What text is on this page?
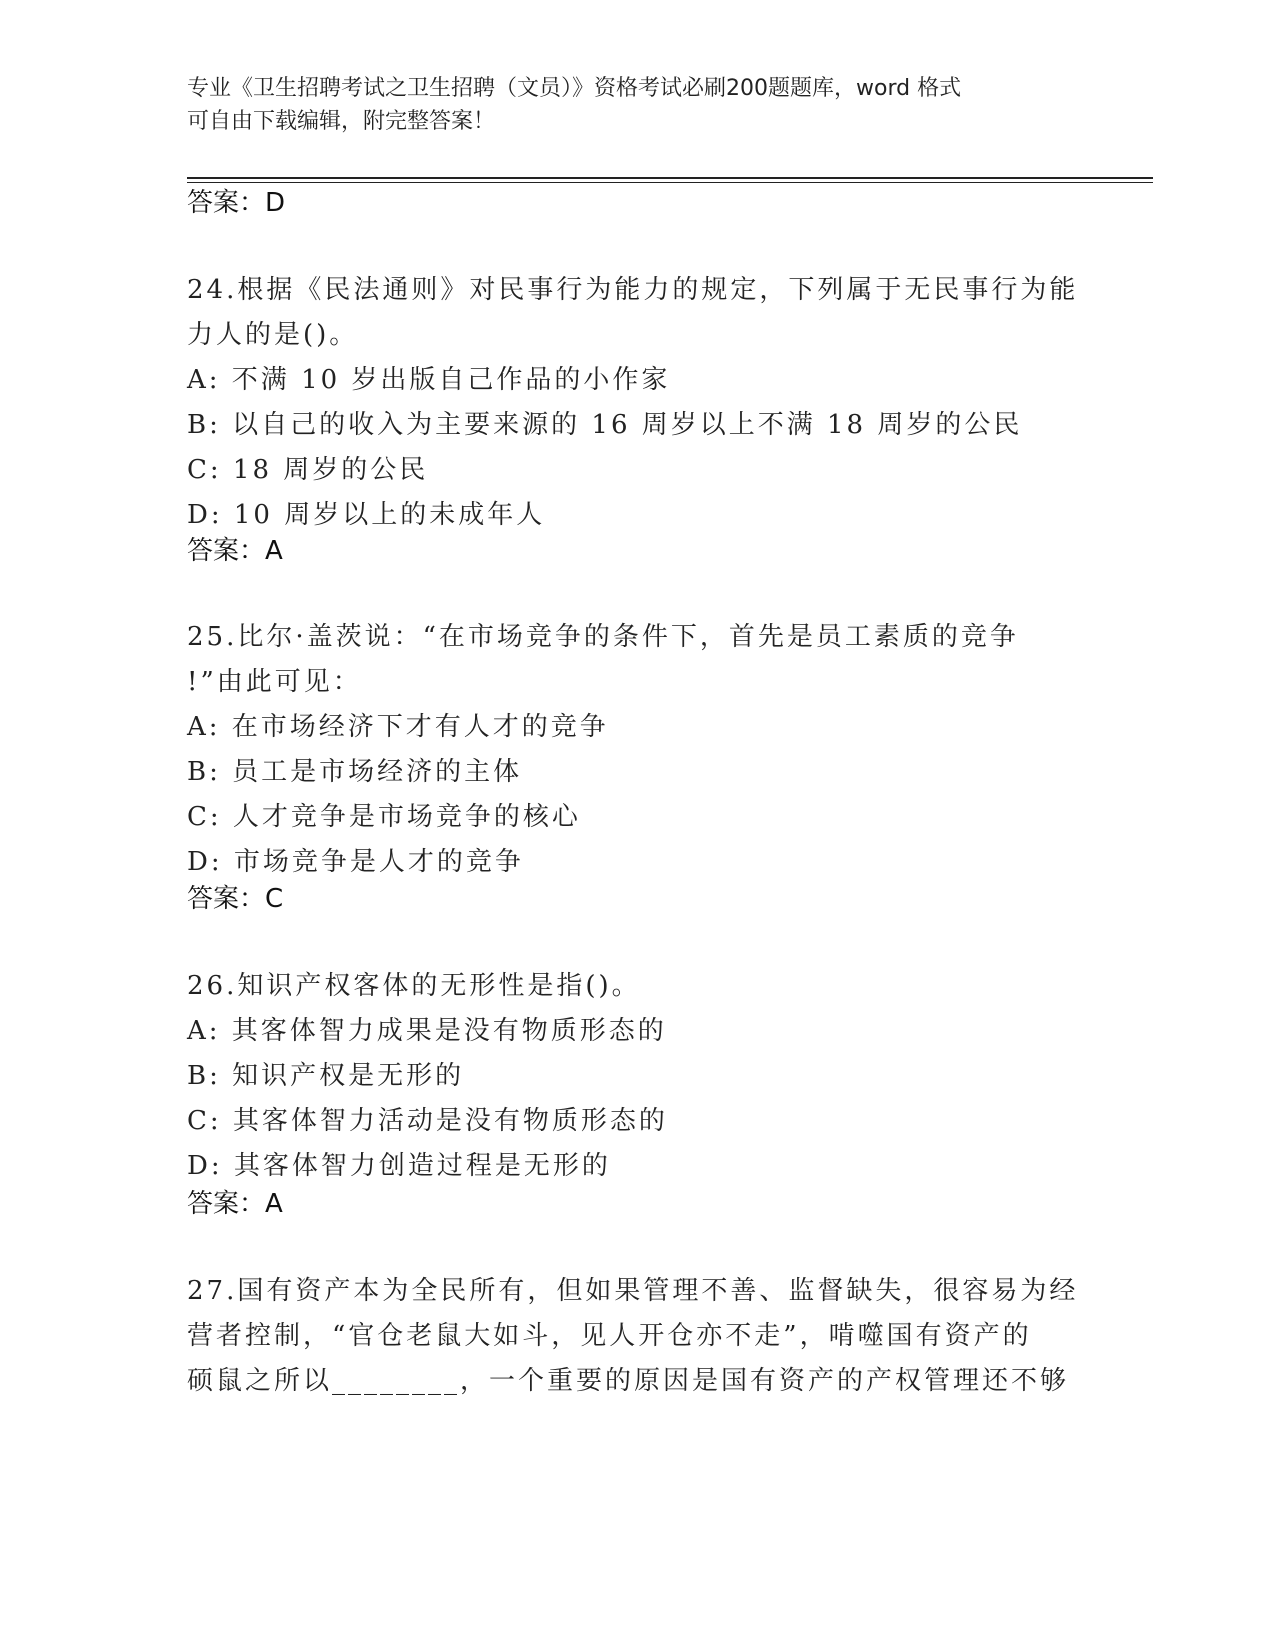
专业《卫生招聘考试之卫生招聘（文员）》资格考试必刷200题题库，word 格式
可自由下载编辑，附完整答案！
答案：D
24.根据《民法通则》对民事行为能力的规定，下列属于无民事行为能
力人的是()。
A: 不满 10 岁出版自己作品的小作家
B: 以自己的收入为主要来源的 16 周岁以上不满 18 周岁的公民
C: 18 周岁的公民
D: 10 周岁以上的未成年人
答案：A
25.比尔·盖茨说：“在市场竞争的条件下，首先是员工素质的竞争
!”由此可见：
A: 在市场经济下才有人才的竞争
B: 员工是市场经济的主体
C: 人才竞争是市场竞争的核心
D: 市场竞争是人才的竞争
答案：C
26.知识产权客体的无形性是指()。
A: 其客体智力成果是没有物质形态的
B: 知识产权是无形的
C: 其客体智力活动是没有物质形态的
D: 其客体智力创造过程是无形的
答案：A
27.国有资产本为全民所有，但如果管理不善、监督缺失，很容易为经
营者控制，“官仓老鼠大如斗，见人开仓亦不走”，啃噬国有资产的
硕鼠之所以________，一个重要的原因是国有资产的产权管理还不够
